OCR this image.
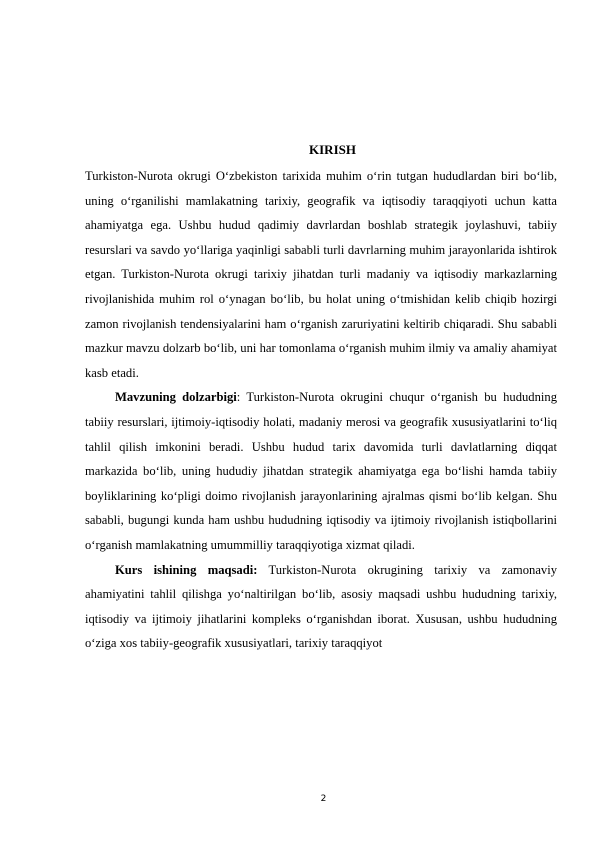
KIRISH

Turkiston-Nurota okrugi O‘zbekiston tarixida muhim o‘rin tutgan hududlardan biri bo‘lib, uning o‘rganilishi mamlakatning tarixiy, geografik va iqtisodiy taraqqiyoti uchun katta ahamiyatga ega. Ushbu hudud qadimiy davrlardan boshlab strategik joylashuvi, tabiiy resurslari va savdo yo‘llariga yaqinligi sababli turli davrlarning muhim jarayonlarida ishtirok etgan. Turkiston-Nurota okrugi tarixiy jihatdan turli madaniy va iqtisodiy markazlarning rivojlanishida muhim rol o‘ynagan bo‘lib, bu holat uning o‘tmishidan kelib chiqib hozirgi zamon rivojlanish tendensiyalarini ham o‘rganish zaruriyatini keltirib chiqaradi. Shu sababli mazkur mavzu dolzarb bo‘lib, uni har tomonlama o‘rganish muhim ilmiy va amaliy ahamiyat kasb etadi.

Mavzuning dolzarbigi: Turkiston-Nurota okrugini chuqur o‘rganish bu hududning tabiiy resurslari, ijtimoiy-iqtisodiy holati, madaniy merosi va geografik xususiyatlarini to‘liq tahlil qilish imkonini beradi. Ushbu hudud tarix davomida turli davlatlarning diqqat markazida bo‘lib, uning hududiy jihatdan strategik ahamiyatga ega bo‘lishi hamda tabiiy boyliklarining ko‘pligi doimo rivojlanish jarayonlarining ajralmas qismi bo‘lib kelgan. Shu sababli, bugungi kunda ham ushbu hududning iqtisodiy va ijtimoiy rivojlanish istiqbollarini o‘rganish mamlakatning umummilliy taraqqiyotiga xizmat qiladi.

Kurs ishining maqsadi: Turkiston-Nurota okrugining tarixiy va zamonaviy ahamiyatini tahlil qilishga yo‘naltirilgan bo‘lib, asosiy maqsadi ushbu hududning tarixiy, iqtisodiy va ijtimoiy jihatlarini kompleks o‘rganishdan iborat. Xususan, ushbu hududning o‘ziga xos tabiiy-geografik xususiyatlari, tarixiy taraqqiyot

2
